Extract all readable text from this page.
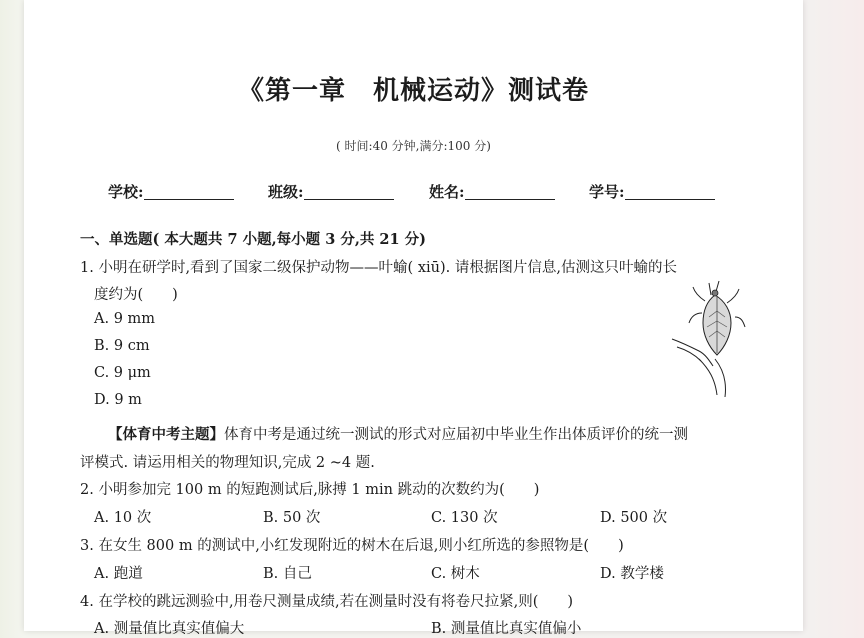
《第一章　机械运动》测试卷
( 时间:40 分钟,满分:100 分)
学校:	班级:	姓名:	学号:
一、单选题( 本大题共 7 小题,每小题 3 分,共 21 分)
1. 小明在研学时,看到了国家二级保护动物——叶蝓( xiū). 请根据图片信息,估测这只叶蝓的长
度约为(　　)
A. 9 mm
B. 9 cm
C. 9 μm
D. 9 m
【体育中考主题】体育中考是通过统一测试的形式对应届初中毕业生作出体质评价的统一测
评模式. 请运用相关的物理知识,完成 2 ~4 题.
2. 小明参加完 100 m 的短跑测试后,脉搏 1 min 跳动的次数约为(　　)
A. 10 次	B. 50 次	C. 130 次	D. 500 次
3. 在女生 800 m 的测试中,小红发现附近的树木在后退,则小红所选的参照物是(　　)
A. 跑道	B. 自己	C. 树木	D. 教学楼
4. 在学校的跳远测验中,用卷尺测量成绩,若在测量时没有将卷尺拉紧,则(　　)
A. 测量值比真实值偏大	B. 测量值比真实值偏小
